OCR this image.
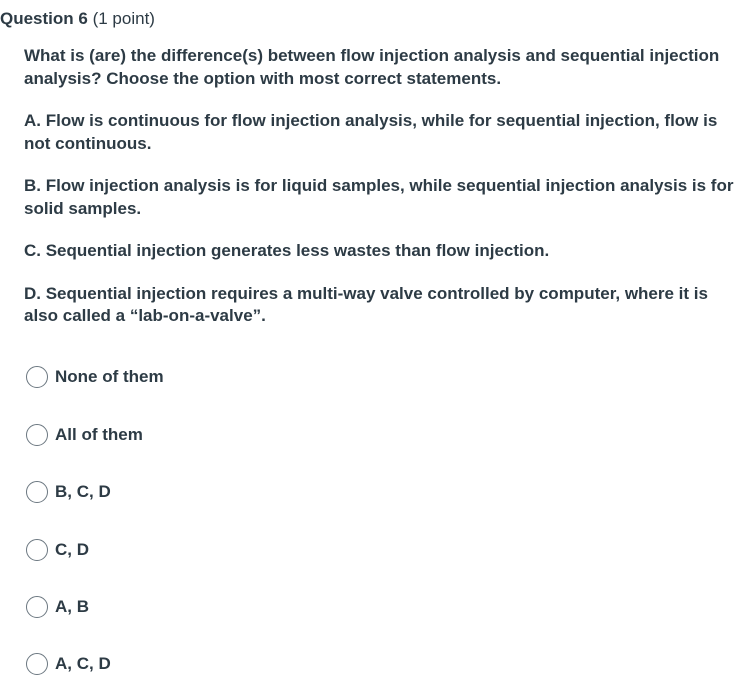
Question 6 (1 point)

What is (are) the difference(s) between flow injection analysis and sequential injection analysis? Choose the option with most correct statements.

A. Flow is continuous for flow injection analysis, while for sequential injection, flow is not continuous.

B. Flow injection analysis is for liquid samples, while sequential injection analysis is for solid samples.

C. Sequential injection generates less wastes than flow injection.

D. Sequential injection requires a multi-way valve controlled by computer, where it is also called a “lab-on-a-valve”.

None of them
All of them
B, C, D
C, D
A, B
A, C, D
